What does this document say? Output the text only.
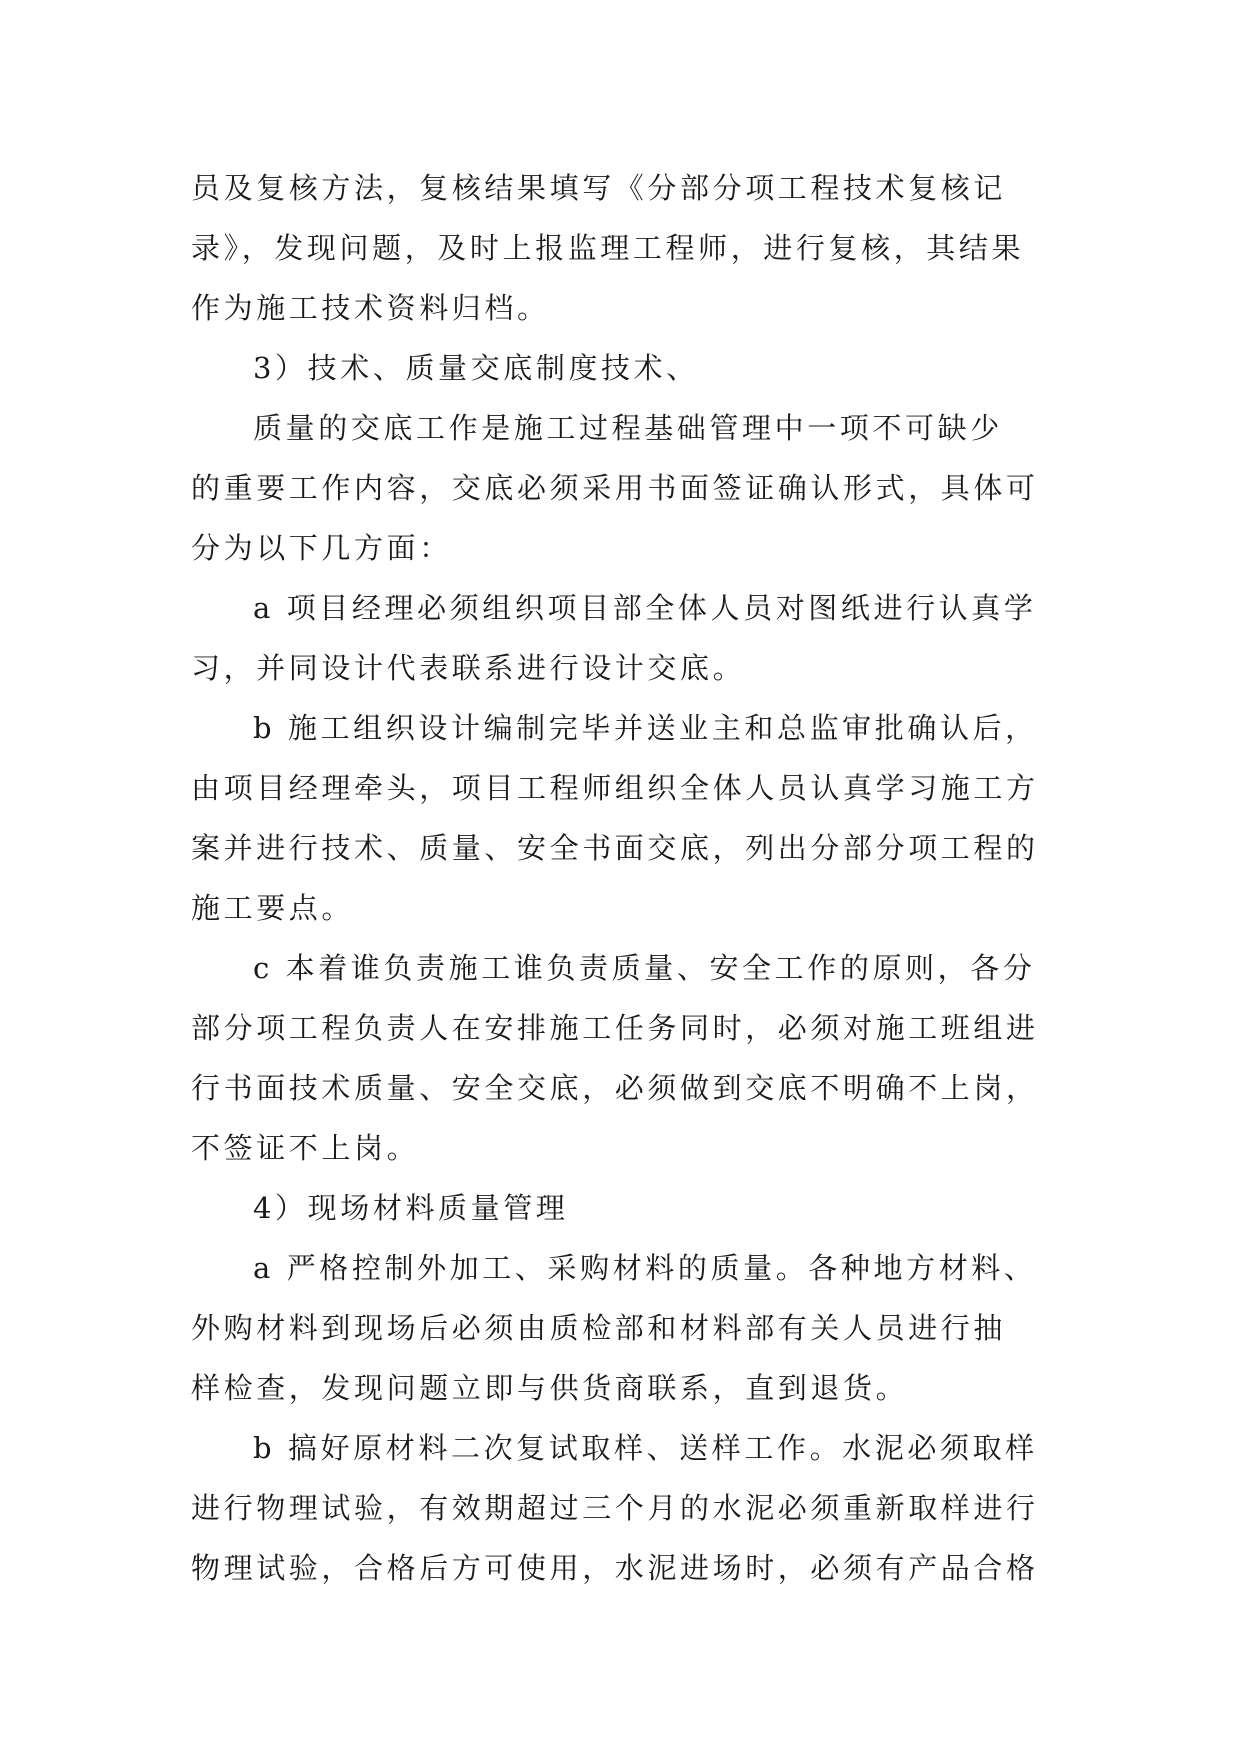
员及复核方法，复核结果填写《分部分项工程技术复核记
录》，发现问题，及时上报监理工程师，进行复核，其结果
作为施工技术资料归档。
3）技术、质量交底制度技术、
质量的交底工作是施工过程基础管理中一项不可缺少
的重要工作内容，交底必须采用书面签证确认形式，具体可
分为以下几方面：
a 项目经理必须组织项目部全体人员对图纸进行认真学
习，并同设计代表联系进行设计交底。
b 施工组织设计编制完毕并送业主和总监审批确认后，
由项目经理牵头，项目工程师组织全体人员认真学习施工方
案并进行技术、质量、安全书面交底，列出分部分项工程的
施工要点。
c 本着谁负责施工谁负责质量、安全工作的原则，各分
部分项工程负责人在安排施工任务同时，必须对施工班组进
行书面技术质量、安全交底，必须做到交底不明确不上岗，
不签证不上岗。
4）现场材料质量管理
a 严格控制外加工、采购材料的质量。各种地方材料、
外购材料到现场后必须由质检部和材料部有关人员进行抽
样检查，发现问题立即与供货商联系，直到退货。
b 搞好原材料二次复试取样、送样工作。水泥必须取样
进行物理试验，有效期超过三个月的水泥必须重新取样进行
物理试验，合格后方可使用，水泥进场时，必须有产品合格
